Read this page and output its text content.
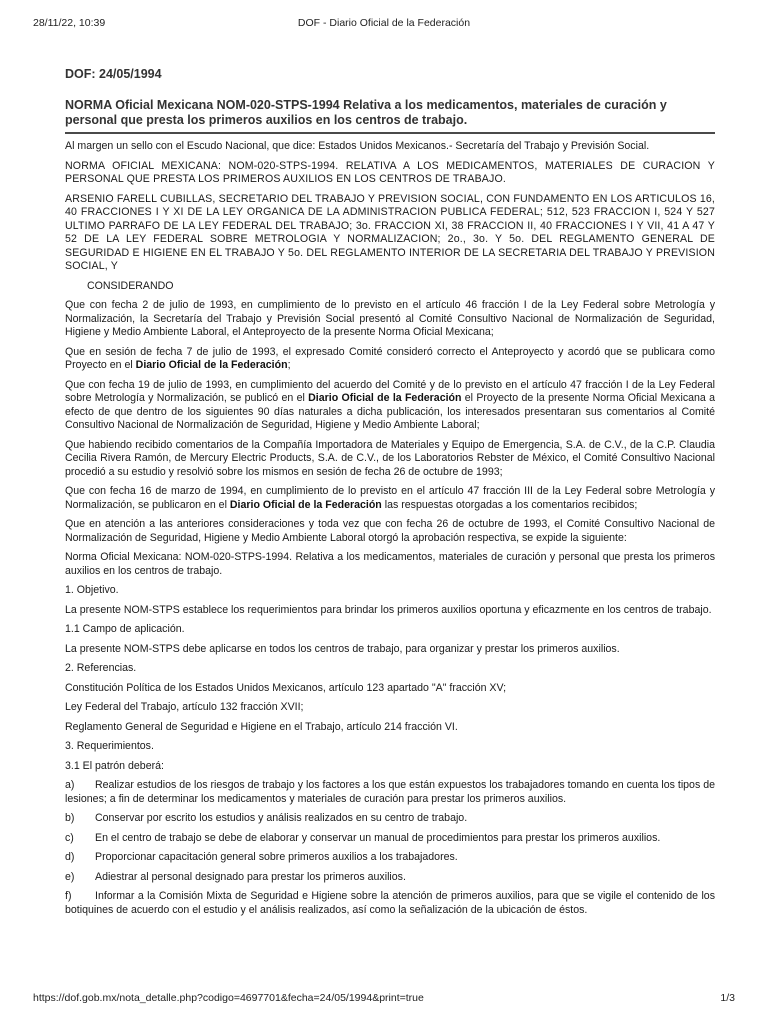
28/11/22, 10:39	DOF - Diario Oficial de la Federación
DOF: 24/05/1994
NORMA Oficial Mexicana NOM-020-STPS-1994 Relativa a los medicamentos, materiales de curación y personal que presta los primeros auxilios en los centros de trabajo.

Al margen un sello con el Escudo Nacional, que dice: Estados Unidos Mexicanos.- Secretaría del Trabajo y Previsión Social.

NORMA OFICIAL MEXICANA: NOM-020-STPS-1994. RELATIVA A LOS MEDICAMENTOS, MATERIALES DE CURACION Y PERSONAL QUE PRESTA LOS PRIMEROS AUXILIOS EN LOS CENTROS DE TRABAJO.

ARSENIO FARELL CUBILLAS, SECRETARIO DEL TRABAJO Y PREVISION SOCIAL, CON FUNDAMENTO EN LOS ARTICULOS 16, 40 FRACCIONES I Y XI DE LA LEY ORGANICA DE LA ADMINISTRACION PUBLICA FEDERAL; 512, 523 FRACCION I, 524 Y 527 ULTIMO PARRAFO DE LA LEY FEDERAL DEL TRABAJO; 3o. FRACCION XI, 38 FRACCION II, 40 FRACCIONES I Y VII, 41 A 47 Y 52 DE LA LEY FEDERAL SOBRE METROLOGIA Y NORMALIZACION; 2o., 3o. Y 5o. DEL REGLAMENTO GENERAL DE SEGURIDAD E HIGIENE EN EL TRABAJO Y 5o. DEL REGLAMENTO INTERIOR DE LA SECRETARIA DEL TRABAJO Y PREVISION SOCIAL, Y

CONSIDERANDO

Que con fecha 2 de julio de 1993, en cumplimiento de lo previsto en el artículo 46 fracción I de la Ley Federal sobre Metrología y Normalización, la Secretaría del Trabajo y Previsión Social presentó al Comité Consultivo Nacional de Normalización de Seguridad, Higiene y Medio Ambiente Laboral, el Anteproyecto de la presente Norma Oficial Mexicana;

Que en sesión de fecha 7 de julio de 1993, el expresado Comité consideró correcto el Anteproyecto y acordó que se publicara como Proyecto en el Diario Oficial de la Federación;

Que con fecha 19 de julio de 1993, en cumplimiento del acuerdo del Comité y de lo previsto en el artículo 47 fracción I de la Ley Federal sobre Metrología y Normalización, se publicó en el Diario Oficial de la Federación el Proyecto de la presente Norma Oficial Mexicana a efecto de que dentro de los siguientes 90 días naturales a dicha publicación, los interesados presentaran sus comentarios al Comité Consultivo Nacional de Normalización de Seguridad, Higiene y Medio Ambiente Laboral;

Que habiendo recibido comentarios de la Compañía Importadora de Materiales y Equipo de Emergencia, S.A. de C.V., de la C.P. Claudia Cecilia Rivera Ramón, de Mercury Electric Products, S.A. de C.V., de los Laboratorios Rebster de México, el Comité Consultivo Nacional procedió a su estudio y resolvió sobre los mismos en sesión de fecha 26 de octubre de 1993;

Que con fecha 16 de marzo de 1994, en cumplimiento de lo previsto en el artículo 47 fracción III de la Ley Federal sobre Metrología y Normalización, se publicaron en el Diario Oficial de la Federación las respuestas otorgadas a los comentarios recibidos;

Que en atención a las anteriores consideraciones y toda vez que con fecha 26 de octubre de 1993, el Comité Consultivo Nacional de Normalización de Seguridad, Higiene y Medio Ambiente Laboral otorgó la aprobación respectiva, se expide la siguiente:

Norma Oficial Mexicana: NOM-020-STPS-1994. Relativa a los medicamentos, materiales de curación y personal que presta los primeros auxilios en los centros de trabajo.

1. Objetivo.

La presente NOM-STPS establece los requerimientos para brindar los primeros auxilios oportuna y eficazmente en los centros de trabajo.

1.1 Campo de aplicación.

La presente NOM-STPS debe aplicarse en todos los centros de trabajo, para organizar y prestar los primeros auxilios.

2. Referencias.

Constitución Política de los Estados Unidos Mexicanos, artículo 123 apartado "A" fracción XV;

Ley Federal del Trabajo, artículo 132 fracción XVII;

Reglamento General de Seguridad e Higiene en el Trabajo, artículo 214 fracción VI.

3. Requerimientos.

3.1 El patrón deberá:

a) Realizar estudios de los riesgos de trabajo y los factores a los que están expuestos los trabajadores tomando en cuenta los tipos de lesiones; a fin de determinar los medicamentos y materiales de curación para prestar los primeros auxilios.

b) Conservar por escrito los estudios y análisis realizados en su centro de trabajo.

c) En el centro de trabajo se debe de elaborar y conservar un manual de procedimientos para prestar los primeros auxilios.

d) Proporcionar capacitación general sobre primeros auxilios a los trabajadores.

e) Adiestrar al personal designado para prestar los primeros auxilios.

f) Informar a la Comisión Mixta de Seguridad e Higiene sobre la atención de primeros auxilios, para que se vigile el contenido de los botiquines de acuerdo con el estudio y el análisis realizados, así como la señalización de la ubicación de éstos.

https://dof.gob.mx/nota_detalle.php?codigo=4697701&fecha=24/05/1994&print=true	1/3
